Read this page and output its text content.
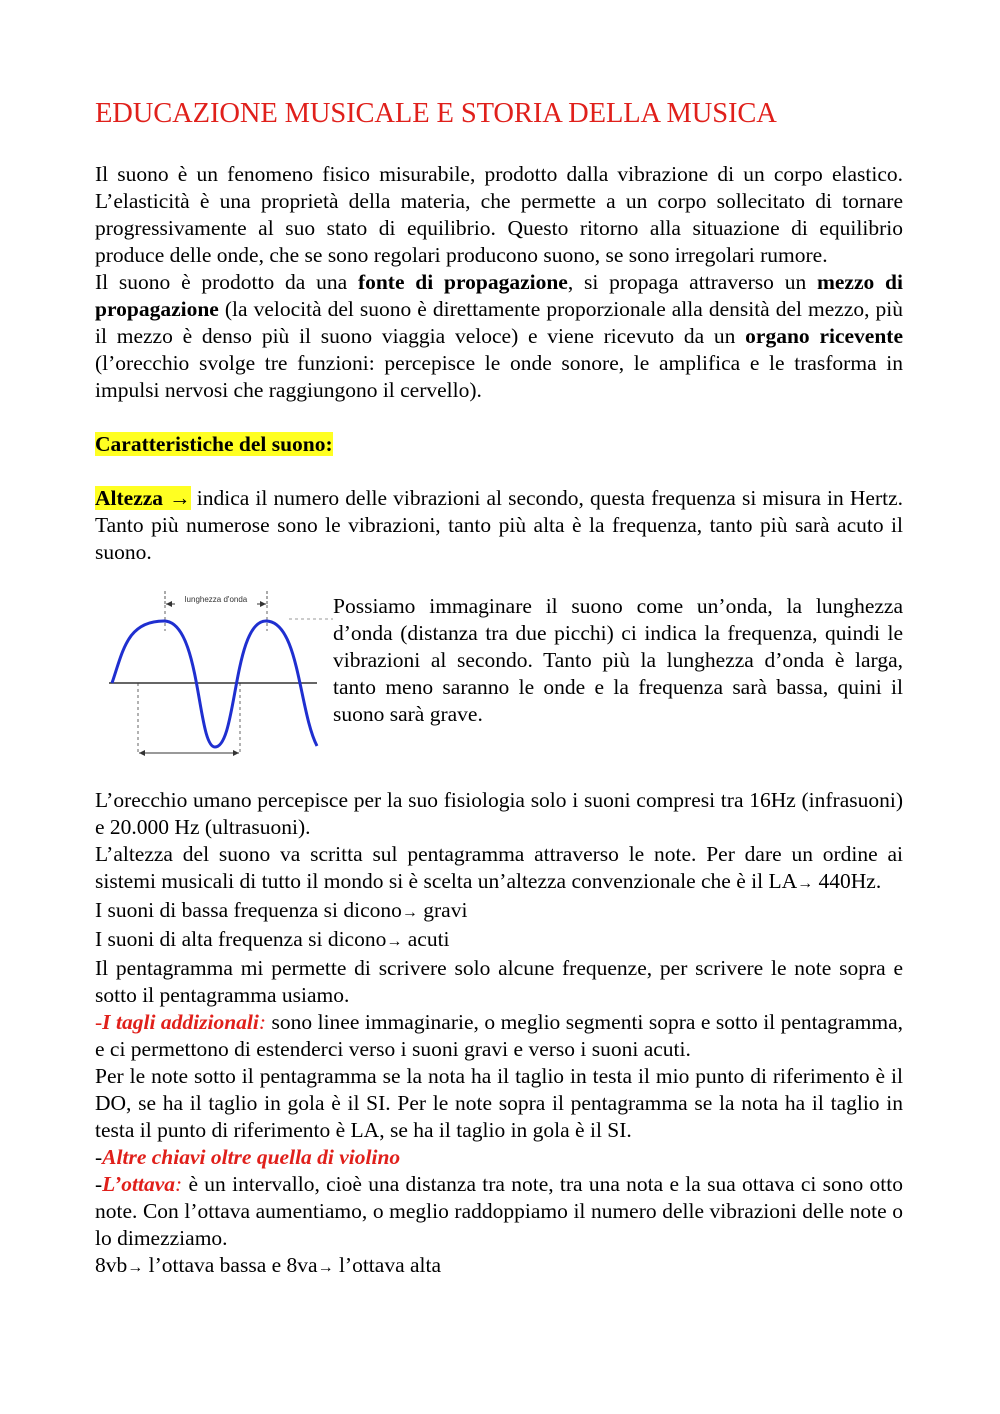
EDUCAZIONE MUSICALE E STORIA DELLA MUSICA

Il suono è un fenomeno fisico misurabile, prodotto dalla vibrazione di un corpo elastico. L’elasticità è una proprietà della materia, che permette a un corpo sollecitato di tornare progressivamente al suo stato di equilibrio. Questo ritorno alla situazione di equilibrio produce delle onde, che se sono regolari producono suono, se sono irregolari rumore.

Il suono è prodotto da una fonte di propagazione, si propaga attraverso un mezzo di propagazione (la velocità del suono è direttamente proporzionale alla densità del mezzo, più il mezzo è denso più il suono viaggia veloce) e viene ricevuto da un organo ricevente (l’orecchio svolge tre funzioni: percepisce le onde sonore, le amplifica e le trasforma in impulsi nervosi che raggiungono il cervello).

Caratteristiche del suono:

Altezza → indica il numero delle vibrazioni al secondo, questa frequenza si misura in Hertz. Tanto più numerose sono le vibrazioni, tanto più alta è la frequenza, tanto più sarà acuto il suono.

lunghezza d'onda	Possiamo immaginare il suono come un’onda, la lunghezza d’onda (distanza tra due picchi) ci indica la frequenza, quindi le vibrazioni al secondo. Tanto più la lunghezza d’onda è larga, tanto meno saranno le onde e la frequenza sarà bassa, quini il suono sarà grave.

L’orecchio umano percepisce per la suo fisiologia solo i suoni compresi tra 16Hz (infrasuoni) e 20.000 Hz (ultrasuoni).

L’altezza del suono va scritta sul pentagramma attraverso le note. Per dare un ordine ai sistemi musicali di tutto il mondo si è scelta un’altezza convenzionale che è il LA→ 440Hz.

I suoni di bassa frequenza si dicono→ gravi

I suoni di alta frequenza si dicono→ acuti

Il pentagramma mi permette di scrivere solo alcune frequenze, per scrivere le note sopra e sotto il pentagramma usiamo.

-I tagli addizionali: sono linee immaginarie, o meglio segmenti sopra e sotto il pentagramma, e ci permettono di estenderci verso i suoni gravi e verso i suoni acuti.

Per le note sotto il pentagramma se la nota ha il taglio in testa il mio punto di riferimento è il DO, se ha il taglio in gola è il SI. Per le note sopra il pentagramma se la nota ha il taglio in testa il punto di riferimento è LA, se ha il taglio in gola è il SI.

-Altre chiavi oltre quella di violino

-L’ottava: è un intervallo, cioè una distanza tra note, tra una nota e la sua ottava ci sono otto note. Con l’ottava aumentiamo, o meglio raddoppiamo il numero delle vibrazioni delle note o lo dimezziamo.

8vb→ l’ottava bassa e 8va→ l’ottava alta
